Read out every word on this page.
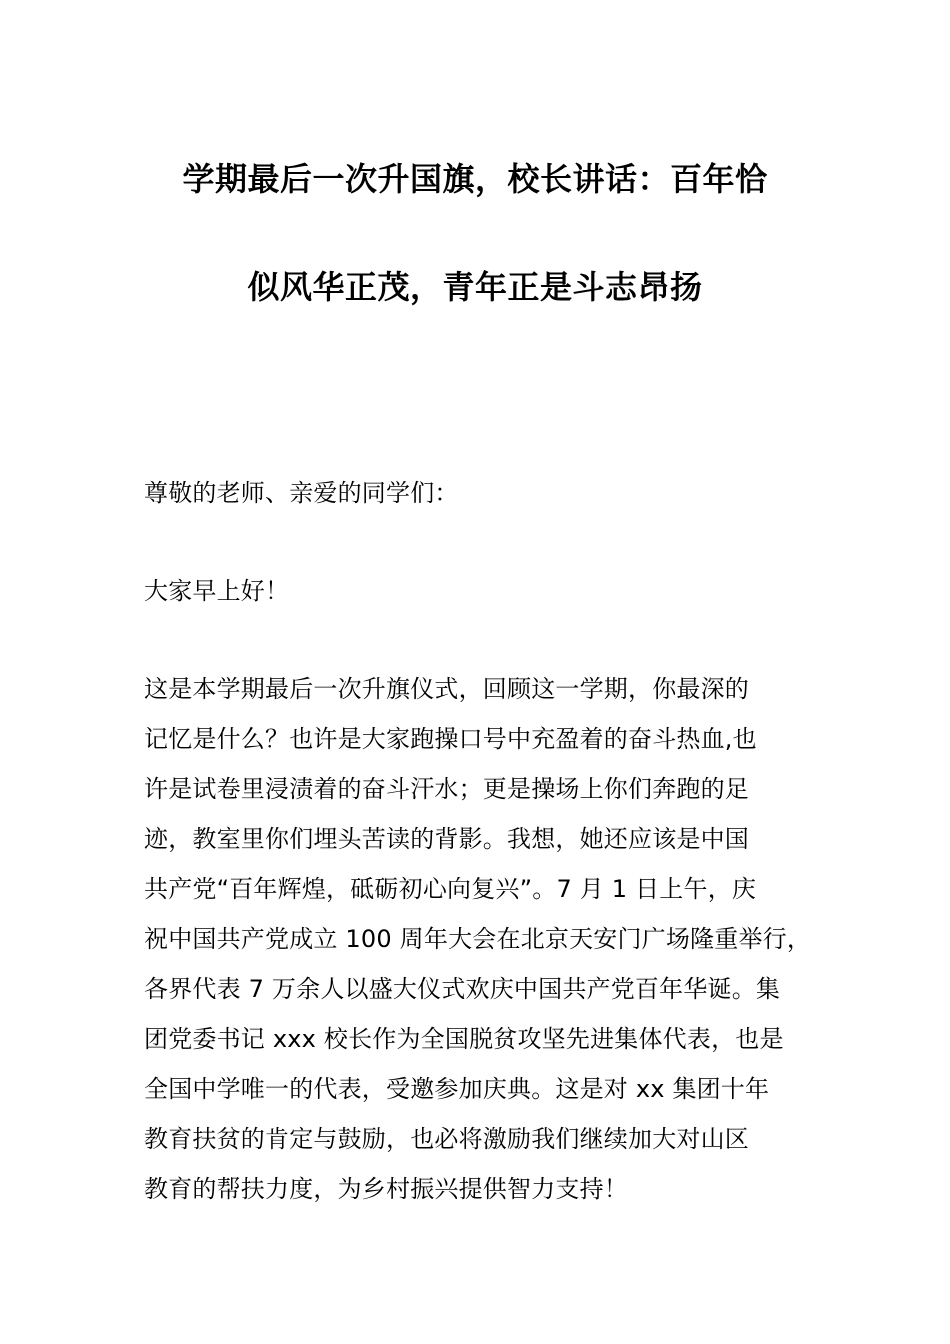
学期最后一次升国旗，校长讲话：百年恰
似风华正茂，青年正是斗志昂扬

尊敬的老师、亲爱的同学们：

大家早上好！

这是本学期最后一次升旗仪式，回顾这一学期，你最深的
记忆是什么？也许是大家跑操口号中充盈着的奋斗热血,也
许是试卷里浸渍着的奋斗汗水；更是操场上你们奔跑的足
迹，教室里你们埋头苦读的背影。我想，她还应该是中国
共产党“百年辉煌，砥砺初心向复兴”。7 月 1 日上午，庆
祝中国共产党成立 100 周年大会在北京天安门广场隆重举行，
各界代表 7 万余人以盛大仪式欢庆中国共产党百年华诞。集
团党委书记 xxx 校长作为全国脱贫攻坚先进集体代表，也是
全国中学唯一的代表，受邀参加庆典。这是对 xx 集团十年
教育扶贫的肯定与鼓励，也必将激励我们继续加大对山区
教育的帮扶力度，为乡村振兴提供智力支持！
